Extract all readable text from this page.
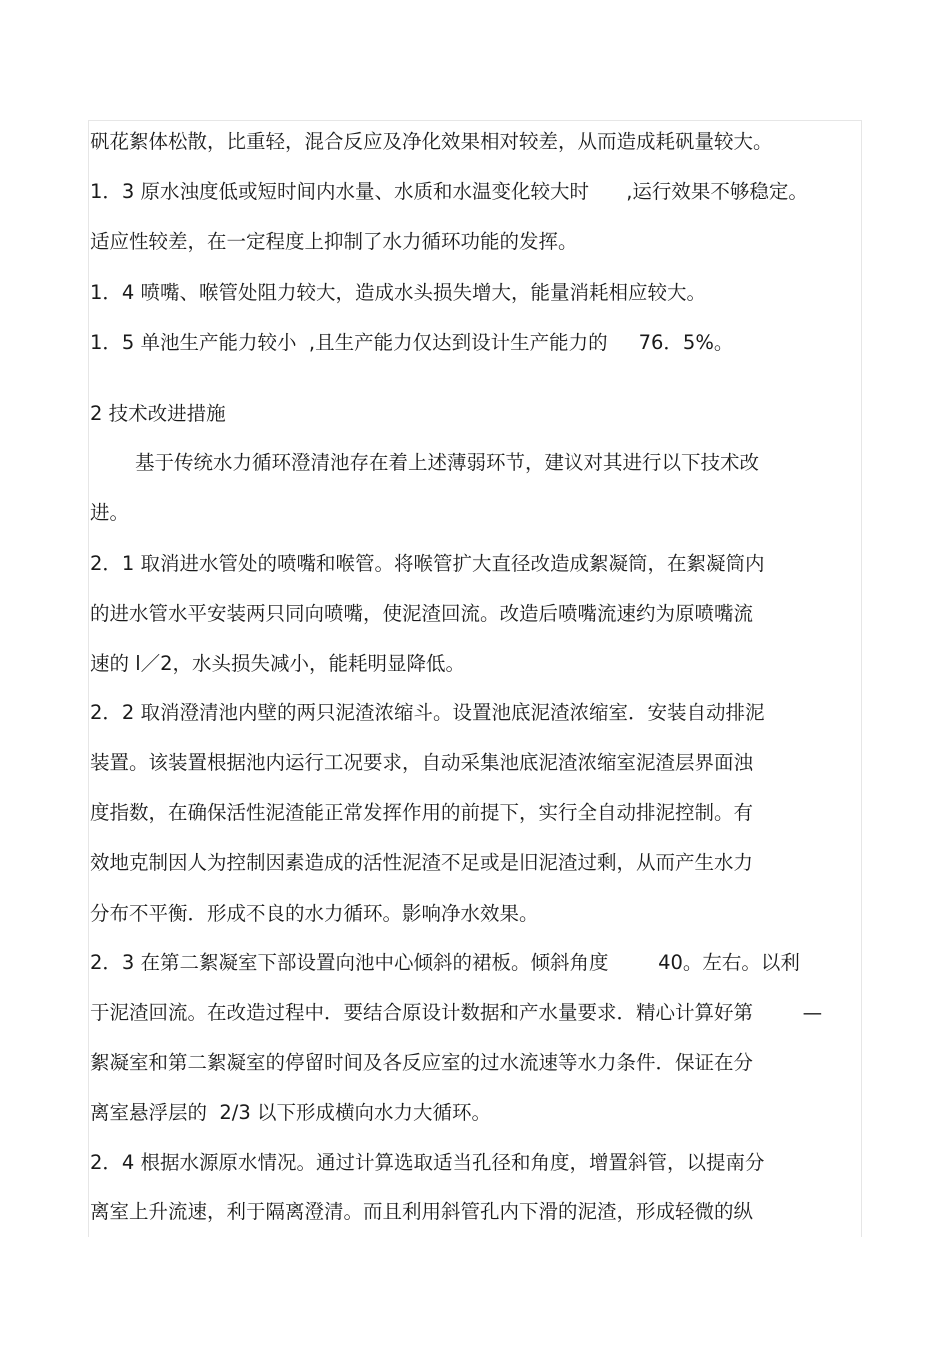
矾花絮体松散，比重轻，混合反应及净化效果相对较差，从而造成耗矾量较大。
1．3 原水浊度低或短时间内水量、水质和水温变化较大时      ,运行效果不够稳定。
适应性较差，在一定程度上抑制了水力循环功能的发挥。
1．4 喷嘴、喉管处阻力较大，造成水头损失增大，能量消耗相应较大。
1．5 单池生产能力较小  ,且生产能力仅达到设计生产能力的     76．5%。
2 技术改进措施
基于传统水力循环澄清池存在着上述薄弱环节，建议对其进行以下技术改
进。
2．1 取消进水管处的喷嘴和喉管。将喉管扩大直径改造成絮凝筒，在絮凝筒内
的进水管水平安装两只同向喷嘴，使泥渣回流。改造后喷嘴流速约为原喷嘴流
速的 l／2，水头损失减小，能耗明显降低。
2．2 取消澄清池内壁的两只泥渣浓缩斗。设置池底泥渣浓缩室．安装自动排泥
装置。该装置根据池内运行工况要求，自动采集池底泥渣浓缩室泥渣层界面浊
度指数，在确保活性泥渣能正常发挥作用的前提下，实行全自动排泥控制。有
效地克制因人为控制因素造成的活性泥渣不足或是旧泥渣过剩，从而产生水力
分布不平衡．形成不良的水力循环。影响净水效果。
2．3 在第二絮凝室下部设置向池中心倾斜的裙板。倾斜角度        40。左右。以利
于泥渣回流。在改造过程中．要结合原设计数据和产水量要求．精心计算好第        —
絮凝室和第二絮凝室的停留时间及各反应室的过水流速等水力条件．保证在分
离室悬浮层的  2/3 以下形成横向水力大循环。
2．4 根据水源原水情况。通过计算选取适当孔径和角度，增置斜管，以提南分
离室上升流速，利于隔离澄清。而且利用斜管孔内下滑的泥渣，形成轻微的纵
